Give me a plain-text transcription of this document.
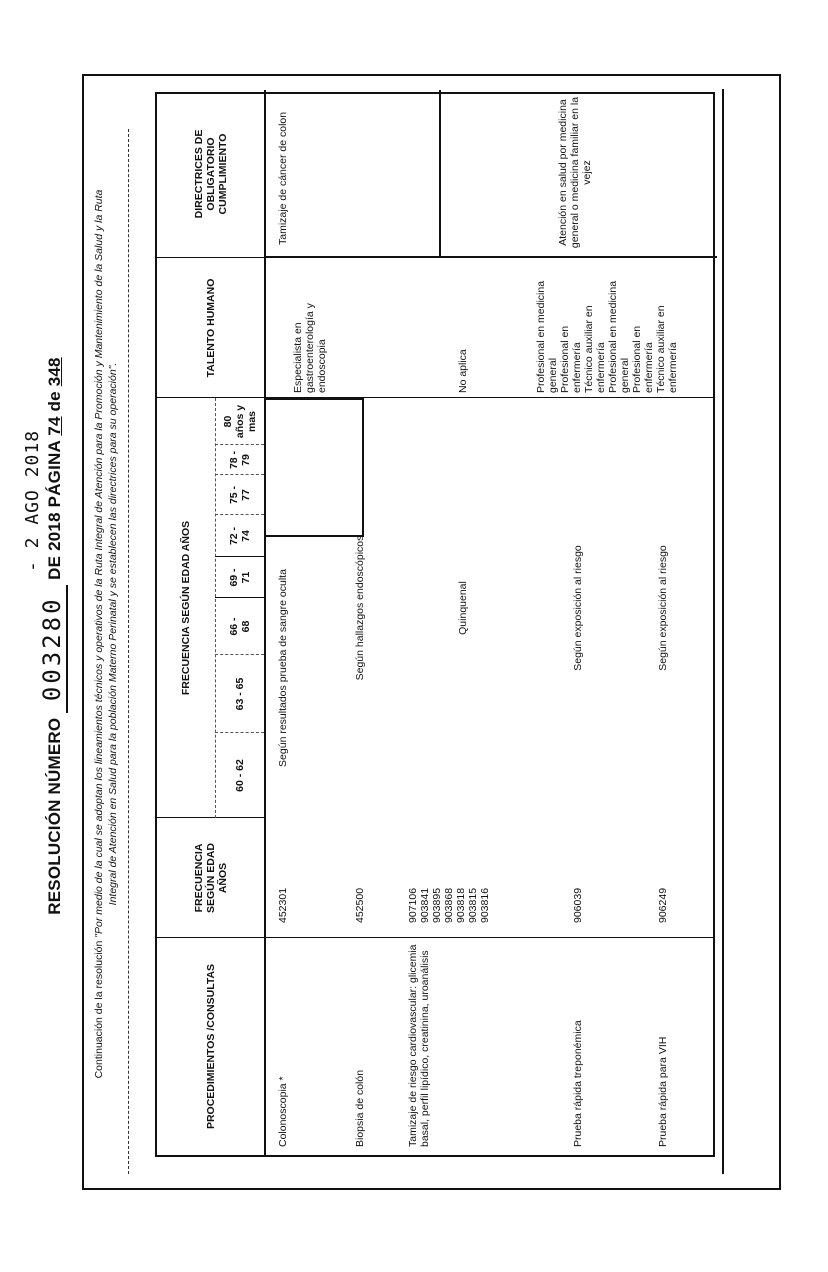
- 2 AGO 2018
RESOLUCIÓN NÚMERO 003280 DE 2018 PÁGINA 74 de 348
Continuación de la resolución "Por medio de la cual se adoptan los lineamientos técnicos y operativos de la Ruta Integral de Atención para la Promoción y Mantenimiento de la Salud y la Ruta Integral de Atención en Salud para la población Materno Perinatal y se establecen las directrices para su operación".
PROCEDIMIENTOS /CONSULTAS
FRECUENCIA SEGÚN EDAD AÑOS
FRECUENCIA SEGÚN EDAD AÑOS
TALENTO HUMANO
DIRECTRICES DE OBLIGATORIO CUMPLIMIENTO
60 - 62
63 - 65
66 - 68
69 - 71
72 - 74
75 - 77
78 - 79
80 años y mas
Colonoscopia *
452301
Según resultados prueba de sangre oculta
Especialista en gastroenterología y endoscopia
Tamizaje de cáncer de colon
Biopsia de colón
452500
Según hallazgos endoscópicos
Tamizaje de riesgo cardiovascular: glicemia basal, perfil lipídico, creatinina, uroanálisis
907106 903841 903895 903868 903818 903815 903816
Quinquenal
No aplica
Prueba rápida treponémica
906039
Según exposición al riesgo
Profesional en medicina general Profesional en enfermería Técnico auxiliar en enfermería
Atención en salud por medicina general o medicina familiar en la vejez
Prueba rápida para VIH
906249
Según exposición al riesgo
Profesional en medicina general Profesional en enfermería Técnico auxiliar en enfermería
